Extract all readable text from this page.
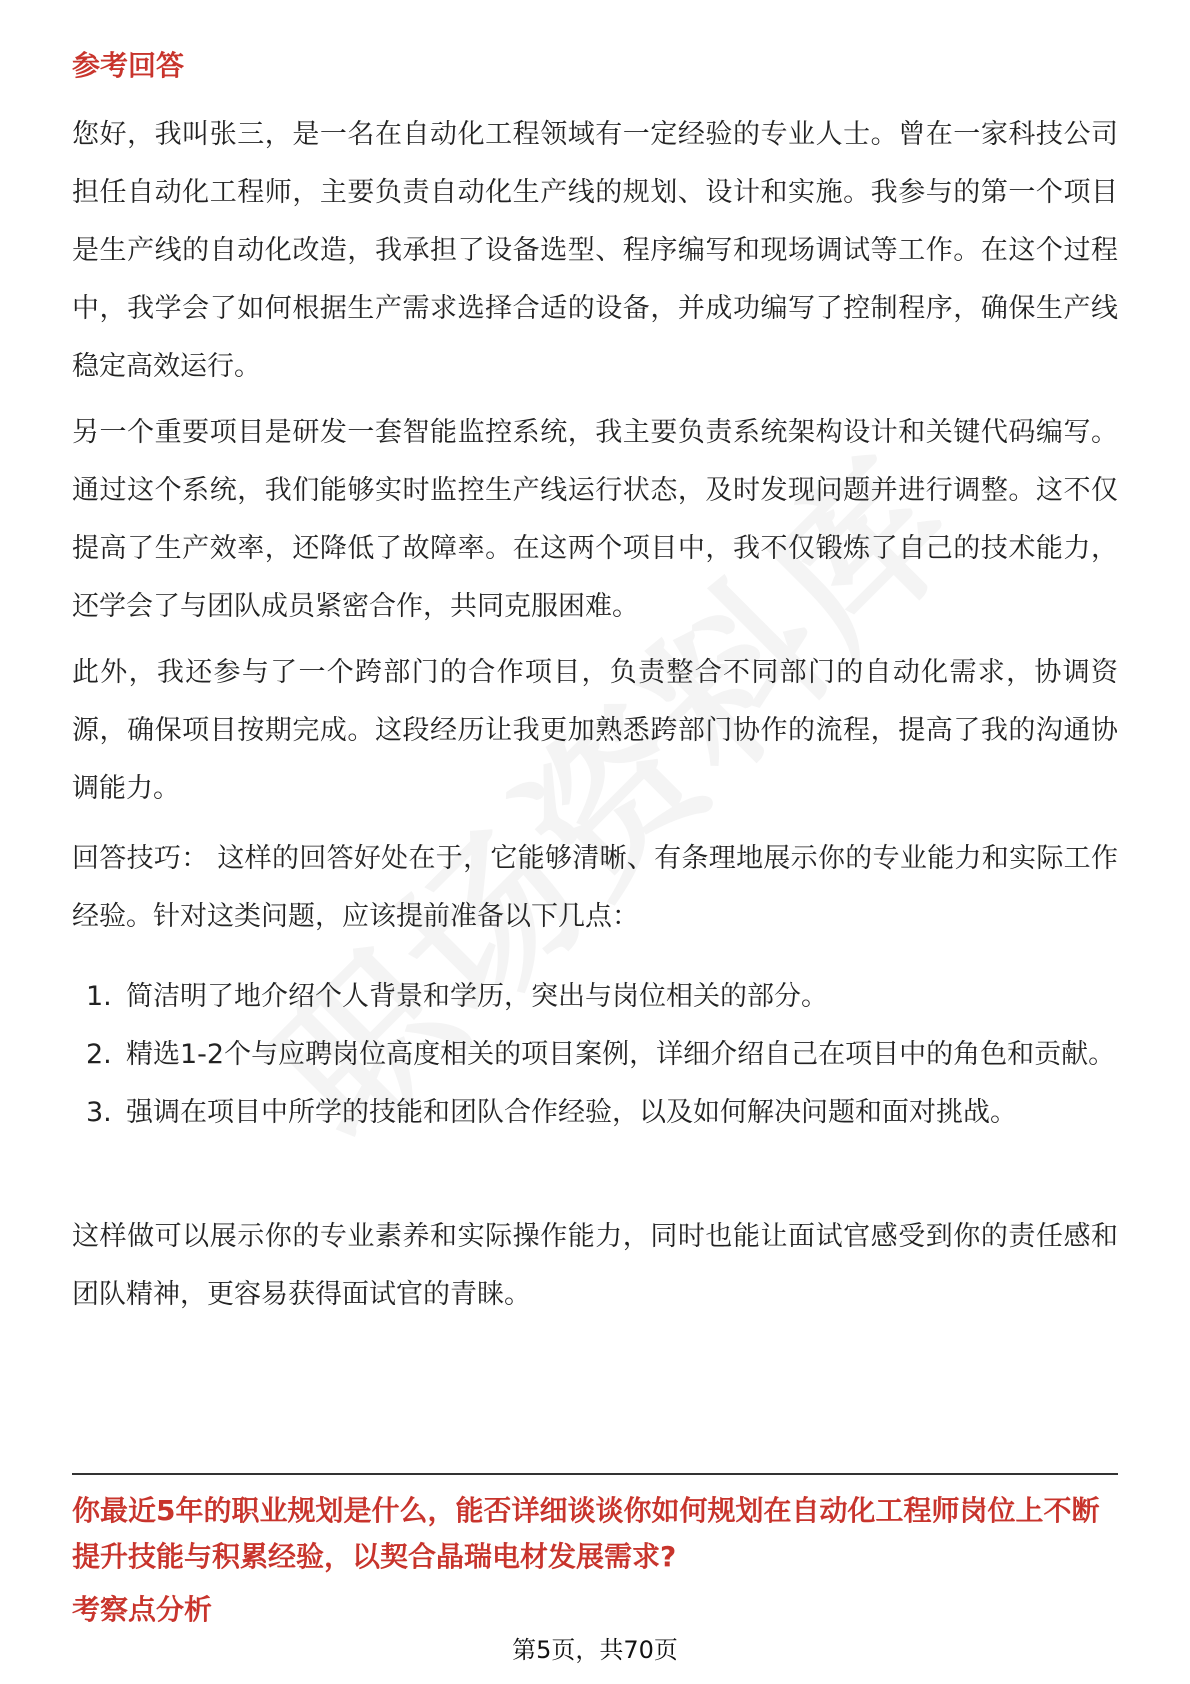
参考回答

您好，我叫张三，是一名在自动化工程领域有一定经验的专业人士。曾在一家科技公司担任自动化工程师，主要负责自动化生产线的规划、设计和实施。我参与的第一个项目是生产线的自动化改造，我承担了设备选型、程序编写和现场调试等工作。在这个过程中，我学会了如何根据生产需求选择合适的设备，并成功编写了控制程序，确保生产线稳定高效运行。

另一个重要项目是研发一套智能监控系统，我主要负责系统架构设计和关键代码编写。通过这个系统，我们能够实时监控生产线运行状态，及时发现问题并进行调整。这不仅提高了生产效率，还降低了故障率。在这两个项目中，我不仅锻炼了自己的技术能力，还学会了与团队成员紧密合作，共同克服困难。

此外，我还参与了一个跨部门的合作项目，负责整合不同部门的自动化需求，协调资源，确保项目按期完成。这段经历让我更加熟悉跨部门协作的流程，提高了我的沟通协调能力。

回答技巧： 这样的回答好处在于，它能够清晰、有条理地展示你的专业能力和实际工作经验。针对这类问题，应该提前准备以下几点：

1. 简洁明了地介绍个人背景和学历，突出与岗位相关的部分。
2. 精选1-2个与应聘岗位高度相关的项目案例，详细介绍自己在项目中的角色和贡献。
3. 强调在项目中所学的技能和团队合作经验，以及如何解决问题和面对挑战。

这样做可以展示你的专业素养和实际操作能力，同时也能让面试官感受到你的责任感和团队精神，更容易获得面试官的青睐。

你最近5年的职业规划是什么，能否详细谈谈你如何规划在自动化工程师岗位上不断提升技能与积累经验，以契合晶瑞电材发展需求?
考察点分析
第5页，共70页
